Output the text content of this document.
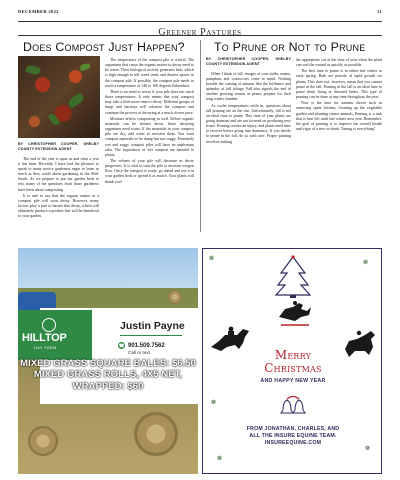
DECEMBER 2022	11
Greener Pastures
Does Compost Just Happen? To Prune or Not to Prune
BY CHRISTOPHER COOPER, SHELBY COUNTY EXTENSION AGENT

The end of the year is upon us and what a year it has been. Recently, I have had the pleasure to speak to many novice gardeners eager to learn as much as they could about gardening in the Mid-South. As we prepare to put our garden beds to rest, many of the questions from those gardeners have been about composting.

It is safe to say that the organic matter in a compost pile will soon decay. However, many factors play a part to hasten that decay, which will ultimately produce a product that will be beneficial to your garden.

The temperature of the compost pile is critical. The organisms that cause the organic matter to decay need to be warm. Their biological activity generates heat, which is high enough to kill weed seeds and disease spores in the compost pile. If possible, the compost pile needs to reach a temperature of 140 to 160 degrees Fahrenheit.

There is no need to worry if your pile does not reach those temperatures. It only means that your compost may take a little more time to decay. Different groups of fungi and bacteria will colonize the compost and continue the process of decaying at a much slower pace.

Moisture affects composting as well. Before organic materials can be broken down, those decaying organisms need water. If the materials in your compost pile are dry, add water to moisten them. You want compost materials to be damp but not soggy. Extremely wet and soggy compost piles will have an unpleasant odor. The byproducts of wet compost are harmful to plants.

The volume of your pile will decrease as decay progresses. It is vital to turn the pile to increase oxygen flow. Once the compost is ready, go ahead and use it in your garden beds or spread it as mulch. Your plants will thank you!

BY CHRISTOPHER COOPER, SHELBY COUNTY EXTENSION AGENT

When I think of fall, images of corn stalks, mums, pumpkins and scarecrows come to mind. Nothing heralds the coming of autumn like the brilliance and splendor of fall foliage. Fall also signals the end of another growing season as plants prepare for their long winter slumber.

As cooler temperatures settle in, questions about fall pruning are on the rise. Unfortunately, fall is not an ideal time to prune. This time of year plants are going dormant and are not focused on producing new tissue. Pruning creates an injury, and plants need time to recover before going into dormancy. If you decide to prune in the fall, do so with care. Proper pruning involves making

the appropriate cut at the time of year when the plant can seal the wound as quickly as possible.

The best time to prune is in either late winter or early spring. Both are periods of rapid growth for plants. This does not, however, mean that you cannot prune in the fall. Pruning in the fall is an ideal time to prune dead, dying or diseased limbs. This type of pruning can be done at any time throughout the year.

Now is the time for autumn chores such as removing spent blooms, cleaning up the vegetable garden and planting winter annuals. Pruning is a task that is best left until late winter next year. Remember, the goal of pruning is to improve the overall health and vigor of a tree or shrub. Timing is everything!

HILLTOP
HAY FARM
Justin Payne
☎ 901.509.7562
Call or text
MIXED GRASS SQUARE BALES: $6.50
MIXED GRASS ROLLS, 4X5 NET,
WRAPPED: $60
❁
❁
❁
❁
❁
Merry
Christmas
AND HAPPY NEW YEAR
FROM JONATHAN, CHARLES, AND
ALL THE INSURE EQUINE TEAM.
INSUREEQUINE.COM
